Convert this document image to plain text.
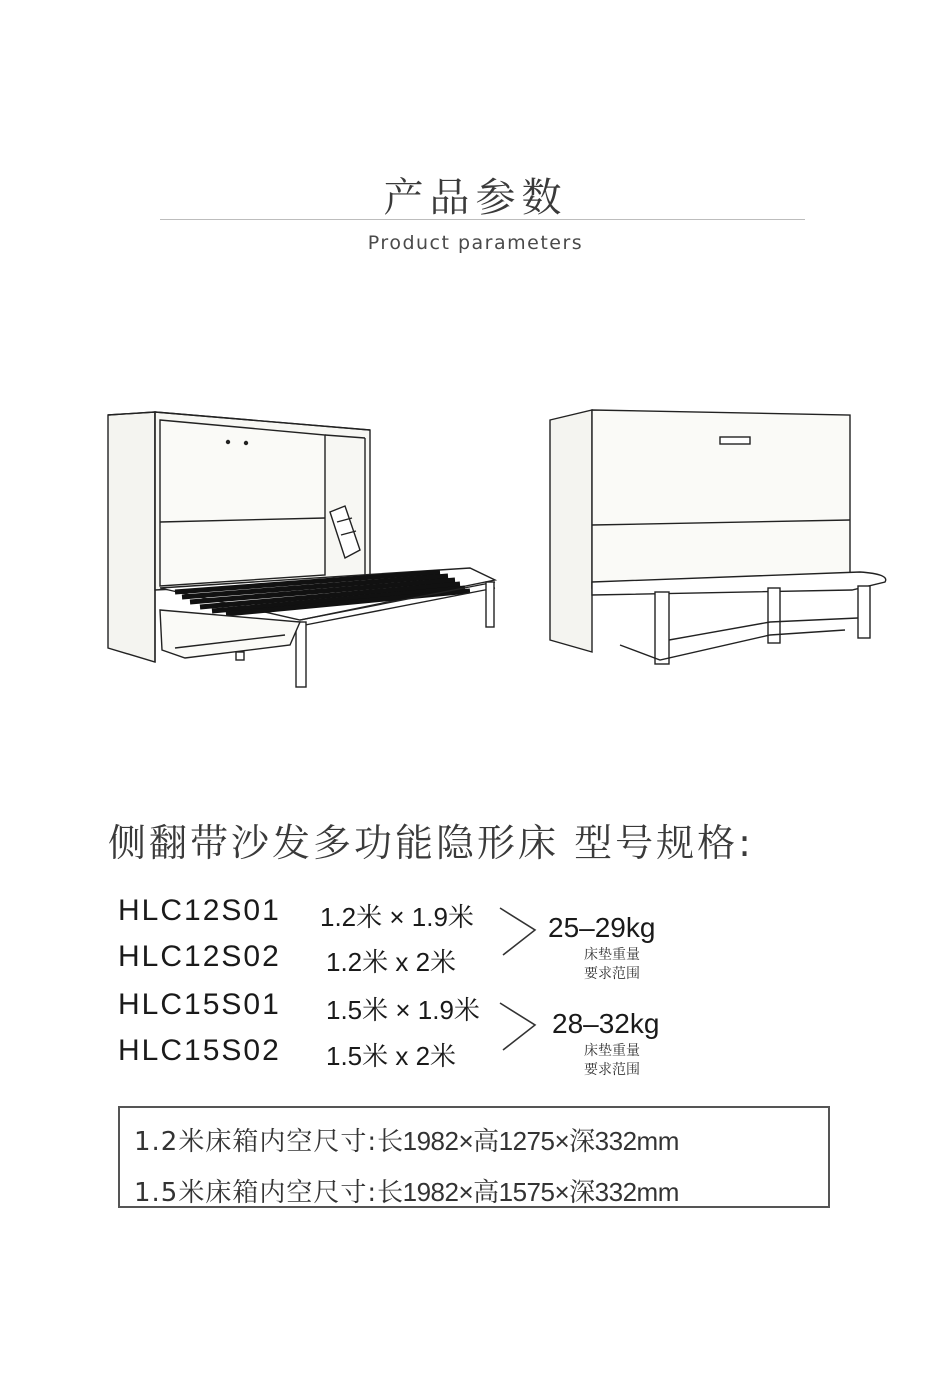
产品参数
Product parameters
侧翻带沙发多功能隐形床 型号规格:
HLC12S01 1.2米 × 1.9米
HLC12S02 1.2米 x 2米
HLC15S01 1.5米 × 1.9米
HLC15S02 1.5米 x 2米
25–29kg
床垫重量
要求范围
28–32kg
床垫重量
要求范围
1.2米床箱内空尺寸:长1982×高1275×深332mm
1.5米床箱内空尺寸:长1982×高1575×深332mm
